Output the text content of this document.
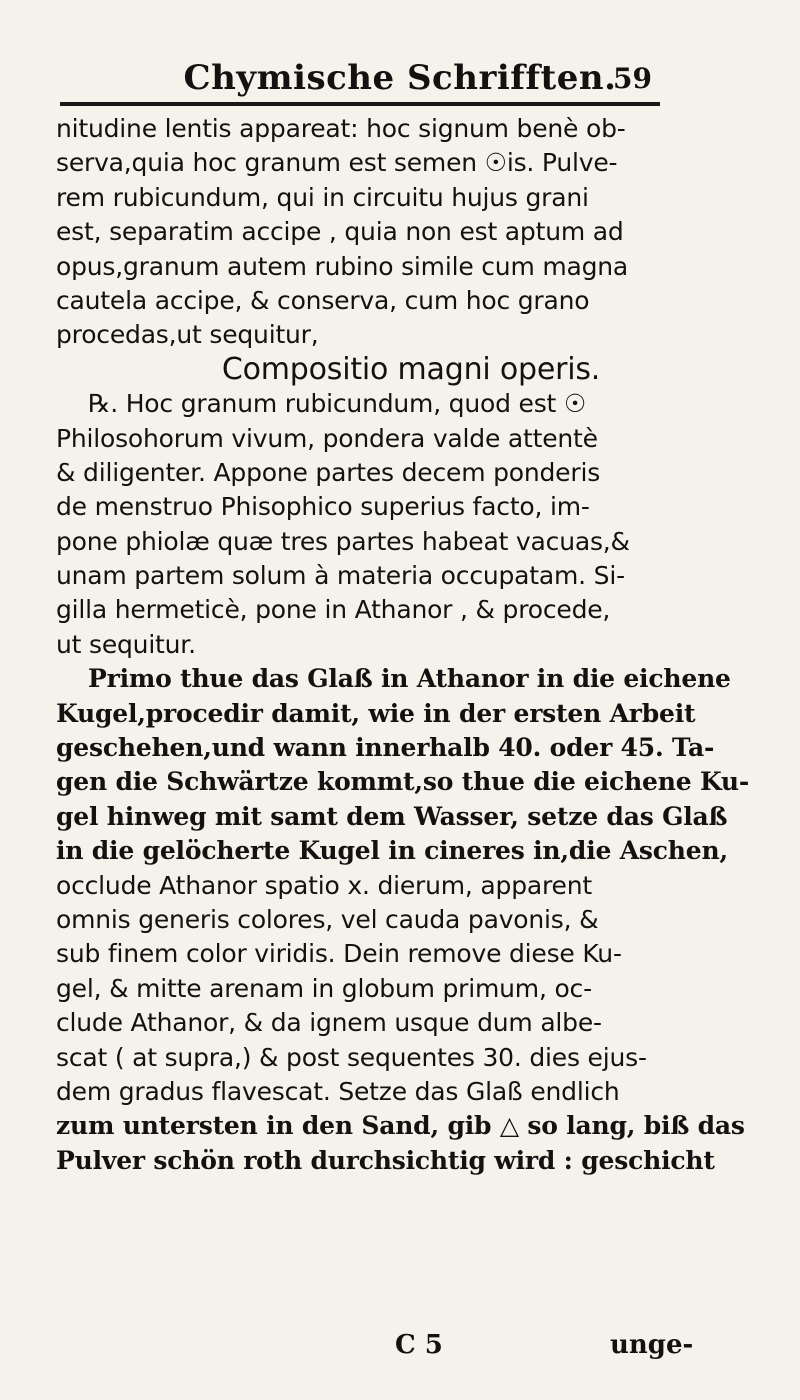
Chymische Schrifften.
59
nitudine lentis appareat: hoc signum benè ob-
serva,quia hoc granum est semen ☉is. Pulve-
rem rubicundum, qui in circuitu hujus grani
est, separatim accipe , quia non est aptum ad
opus,granum autem rubino simile cum magna
cautela accipe, & conserva, cum hoc grano
procedas,ut sequitur,
Compositio magni operis.
℞. Hoc granum rubicundum, quod est ☉
Philosohorum vivum, pondera valde attentè
& diligenter. Appone partes decem ponderis
de menstruo Phisophico superius facto, im-
pone phiolæ quæ tres partes habeat vacuas,&
unam partem solum à materia occupatam. Si-
gilla hermeticè, pone in Athanor , & procede,
ut sequitur.
Primo thue das Glaß in Athanor in die eichene
Kugel,procedir damit, wie in der ersten Arbeit
geschehen,und wann innerhalb 40. oder 45. Ta-
gen die Schwärtze kommt,so thue die eichene Ku-
gel hinweg mit samt dem Wasser, setze das Glaß
in die gelöcherte Kugel in cineres in,die Aschen,
occlude Athanor spatio x. dierum, apparent
omnis generis colores, vel cauda pavonis, &
sub finem color viridis. Dein remove diese Ku-
gel, & mitte arenam in globum primum, oc-
clude Athanor, & da ignem usque dum albe-
scat ( at supra,) & post sequentes 30. dies ejus-
dem gradus flavescat. Setze das Glaß endlich
zum untersten in den Sand, gib △ so lang, biß das
Pulver schön roth durchsichtig wird : geschicht
C 5	unge-
